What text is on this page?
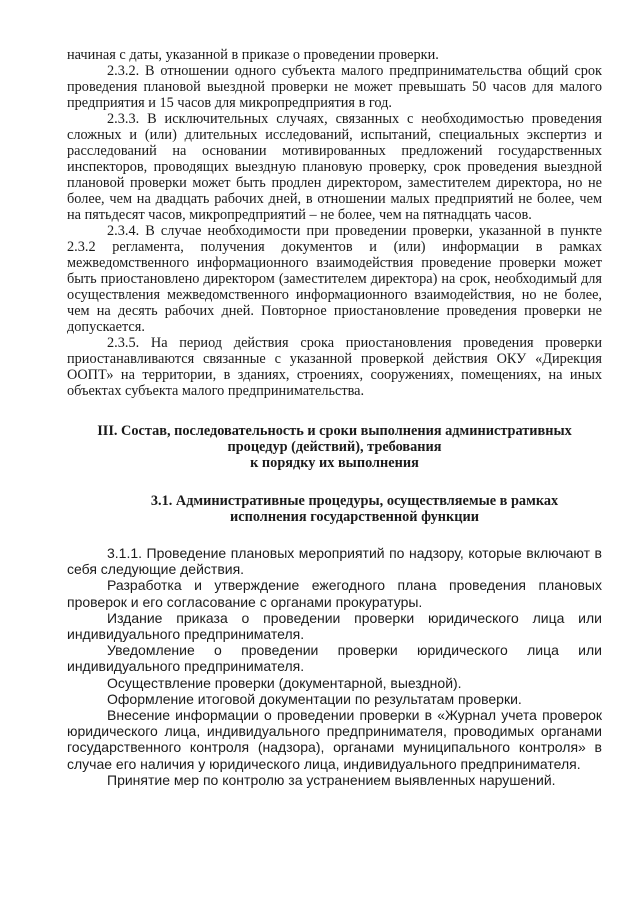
начиная с даты, указанной в приказе о проведении проверки.

2.3.2. В отношении одного субъекта малого предпринимательства общий срок проведения плановой выездной проверки не может превышать 50 часов для малого предприятия и 15 часов для микропредприятия в год.

2.3.3. В исключительных случаях, связанных с необходимостью проведения сложных и (или) длительных исследований, испытаний, специальных экспертиз и расследований на основании мотивированных предложений государственных инспекторов, проводящих выездную плановую проверку, срок проведения выездной плановой проверки может быть продлен директором, заместителем директора, но не более, чем на двадцать рабочих дней, в отношении малых предприятий не более, чем на пятьдесят часов, микропредприятий – не более, чем на пятнадцать часов.

2.3.4. В случае необходимости при проведении проверки, указанной в пункте 2.3.2 регламента, получения документов и (или) информации в рамках межведомственного информационного взаимодействия проведение проверки может быть приостановлено директором (заместителем директора) на срок, необходимый для осуществления межведомственного информационного взаимодействия, но не более, чем на десять рабочих дней. Повторное приостановление проведения проверки не допускается.

2.3.5. На период действия срока приостановления проведения проверки приостанавливаются связанные с указанной проверкой действия ОКУ «Дирекция ООПТ» на территории, в зданиях, строениях, сооружениях, помещениях, на иных объектах субъекта малого предпринимательства.

III. Состав, последовательность и сроки выполнения административных
процедур (действий), требования
к порядку их выполнения
3.1. Административные процедуры, осуществляемые в рамках
исполнения государственной функции

3.1.1. Проведение плановых мероприятий по надзору, которые включают в себя следующие действия.

Разработка и утверждение ежегодного плана проведения плановых проверок и его согласование с органами прокуратуры.

Издание приказа о проведении проверки юридического лица или индивидуального предпринимателя.

Уведомление о проведении проверки юридического лица или индивидуального предпринимателя.

Осуществление проверки (документарной, выездной).

Оформление итоговой документации по результатам проверки.

Внесение информации о проведении проверки в «Журнал учета проверок юридического лица, индивидуального предпринимателя, проводимых органами государственного контроля (надзора), органами муниципального контроля» в случае его наличия у юридического лица, индивидуального предпринимателя.

Принятие мер по контролю за устранением выявленных нарушений.
